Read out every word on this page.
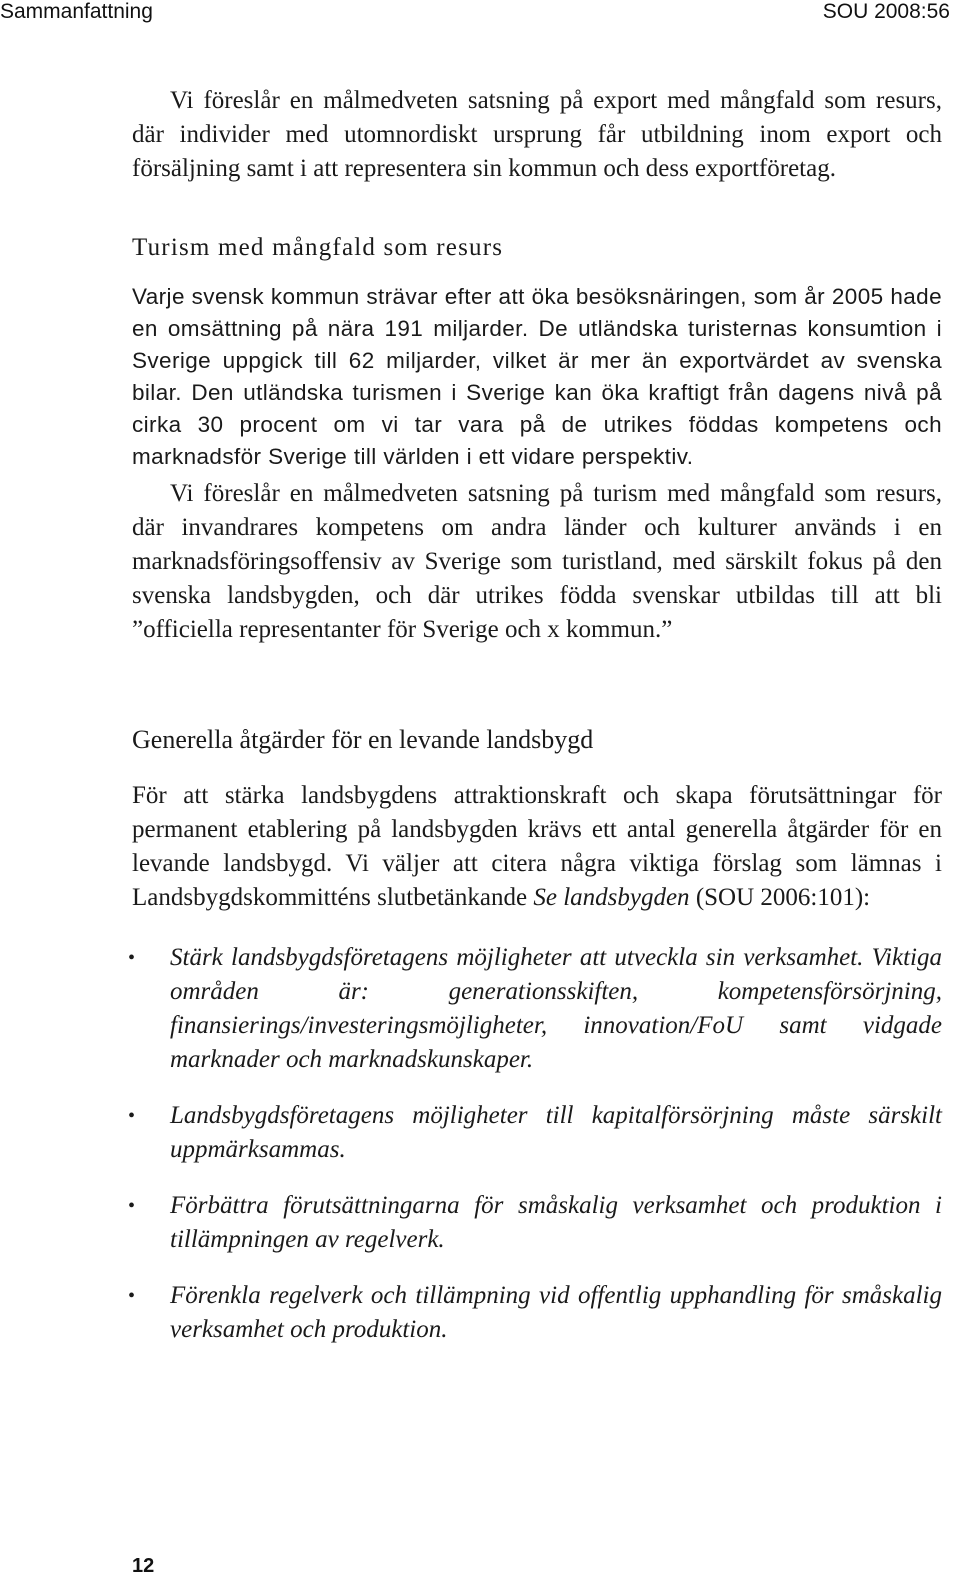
Sammanfattning	SOU 2008:56

Vi föreslår en målmedveten satsning på export med mångfald som resurs, där individer med utomnordiskt ursprung får utbildning inom export och försäljning samt i att representera sin kommun och dess exportföretag.

Turism med mångfald som resurs

Varje svensk kommun strävar efter att öka besöksnäringen, som år 2005 hade en omsättning på nära 191 miljarder. De utländska turisternas konsumtion i Sverige uppgick till 62 miljarder, vilket är mer än exportvärdet av svenska bilar. Den utländska turismen i Sverige kan öka kraftigt från dagens nivå på cirka 30 procent om vi tar vara på de utrikes föddas kompetens och marknadsför Sverige till världen i ett vidare perspektiv.

Vi föreslår en målmedveten satsning på turism med mångfald som resurs, där invandrares kompetens om andra länder och kulturer används i en marknadsföringsoffensiv av Sverige som turistland, med särskilt fokus på den svenska landsbygden, och där utrikes födda svenskar utbildas till att bli ”officiella representanter för Sverige och x kommun.”

Generella åtgärder för en levande landsbygd

För att stärka landsbygdens attraktionskraft och skapa förutsättningar för permanent etablering på landsbygden krävs ett antal generella åtgärder för en levande landsbygd. Vi väljer att citera några viktiga förslag som lämnas i Landsbygdskommitténs slutbetänkande Se landsbygden (SOU 2006:101):

• Stärk landsbygdsföretagens möjligheter att utveckla sin verksamhet. Viktiga områden är: generationsskiften, kompetensförsörjning, finansierings/investeringsmöjligheter, innovation/FoU samt vidgade marknader och marknadskunskaper.
• Landsbygdsföretagens möjligheter till kapitalförsörjning måste särskilt uppmärksammas.
• Förbättra förutsättningarna för småskalig verksamhet och produktion i tillämpningen av regelverk.
• Förenkla regelverk och tillämpning vid offentlig upphandling för småskalig verksamhet och produktion.
12
